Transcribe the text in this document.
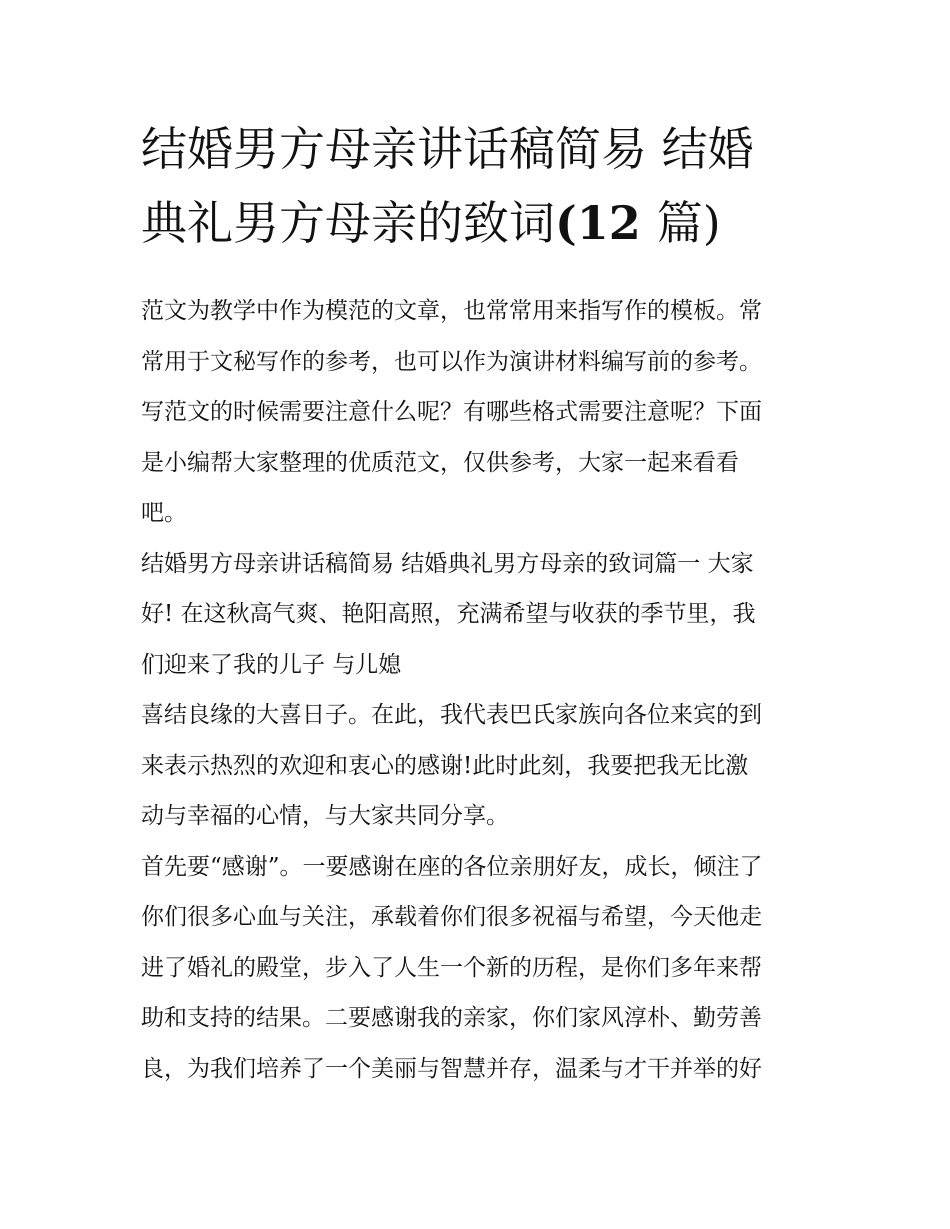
结婚男方母亲讲话稿简易 结婚
典礼男方母亲的致词(12 篇)

范文为教学中作为模范的文章，也常常用来指写作的模板。常
常用于文秘写作的参考，也可以作为演讲材料编写前的参考。
写范文的时候需要注意什么呢？有哪些格式需要注意呢？下面
是小编帮大家整理的优质范文，仅供参考，大家一起来看看
吧。

结婚男方母亲讲话稿简易 结婚典礼男方母亲的致词篇一 大家
好! 在这秋高气爽、艳阳高照，充满希望与收获的季节里，我
们迎来了我的儿子 与儿媳

喜结良缘的大喜日子。在此，我代表巴氏家族向各位来宾的到
来表示热烈的欢迎和衷心的感谢!此时此刻，我要把我无比激
动与幸福的心情，与大家共同分享。

首先要“感谢”。一要感谢在座的各位亲朋好友，成长，倾注了
你们很多心血与关注，承载着你们很多祝福与希望，今天他走
进了婚礼的殿堂，步入了人生一个新的历程，是你们多年来帮
助和支持的结果。二要感谢我的亲家，你们家风淳朴、勤劳善
良，为我们培养了一个美丽与智慧并存，温柔与才干并举的好
